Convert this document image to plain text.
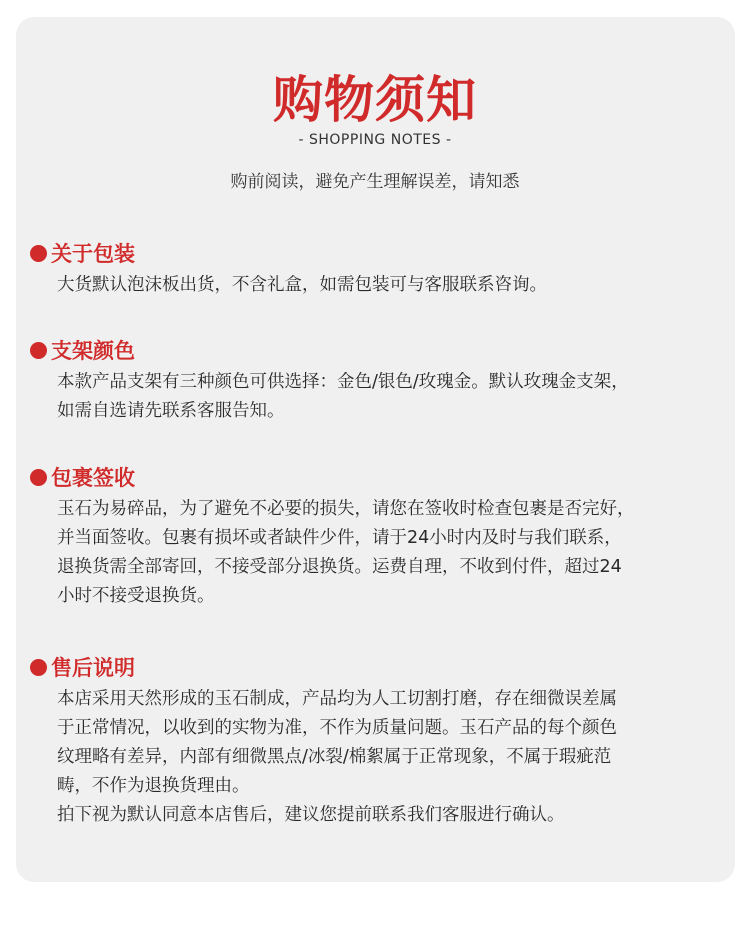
购物须知
- SHOPPING NOTES -
购前阅读，避免产生理解误差，请知悉
关于包装
大货默认泡沫板出货，不含礼盒，如需包装可与客服联系咨询。
支架颜色
本款产品支架有三种颜色可供选择：金色/银色/玫瑰金。默认玫瑰金支架，
如需自选请先联系客服告知。
包裹签收
玉石为易碎品，为了避免不必要的损失，请您在签收时检查包裹是否完好，
并当面签收。包裹有损坏或者缺件少件，请于24小时内及时与我们联系，
退换货需全部寄回，不接受部分退换货。运费自理，不收到付件，超过24
小时不接受退换货。
售后说明
本店采用天然形成的玉石制成，产品均为人工切割打磨，存在细微误差属
于正常情况，以收到的实物为准，不作为质量问题。玉石产品的每个颜色
纹理略有差异，内部有细微黑点/冰裂/棉絮属于正常现象，不属于瑕疵范
畴，不作为退换货理由。
拍下视为默认同意本店售后，建议您提前联系我们客服进行确认。
